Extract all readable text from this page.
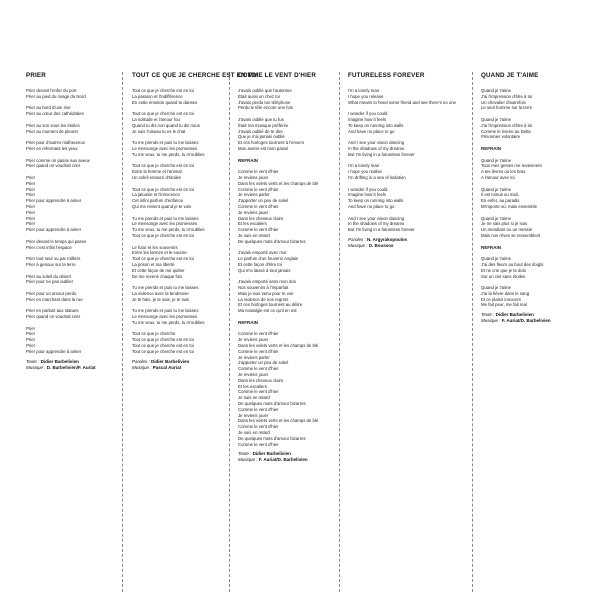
PRIER
Prier devant l'enfer du port
Prier au pied du rivage du Nord
Prier au bord d'une rive
Prier au cœur des cathédrales
Prier au son sous les étoiles
Prier au moment de pleurer
Prier pour d'autres malheureux
Prier en refermant les yeux
Prier comme on passe aux aveux
Prier quand on voudrait crier
Prier
Prier
Prier
Prier
Prier pour apprendre à aimer
Prier
Prier
Prier
Prier
Prier pour apprendre à aimer
Prier devant le temps qui passe
Prier c'est infini l'espace
Prier tout seul ou par milliers
Prier à genoux sur la terre
Prier au soleil du désert
Prier pour ne pas oublier
Prier pour un amour perdu
Prier en marchant dans la rue
Prier en parlant aux statues
Prier quand on voudrait crier
Prier
Prier
Prier
Prier
Prier pour apprendre à aimer
Texte : Didier Barbelivien
Musique : D. Barbelivien/F. Auriat
TOUT CE QUE JE CHERCHE EST EN TOI
Tout ce que je cherche est en toi
La passion et l'indifférence
En cette émotion quand tu danses
Tout ce que je cherche est en toi
La solitude et l'amour fou
Quand tu dis non quand tu dis nous
Je suis l'oiseau tu es le chat
Tu me prends et puis tu me laisses
Le mensonge avec les promesses
Tu me veux, tu me perds, tu m'oublies
Tout ce que je cherche est en toi
Entre la femme et l'animal
Un soleil entouré d'étoiles
Tout ce que je cherche est en toi
La jalousie et l'innocence
Cet infini parfum d'enfance
Qui me revient quand je te vois
Tu me prends et puis tu me laisses
Le mensonge avec les promesses
Tu me veux, tu me perds, tu m'oublies
Tout ce que je cherche est en toi
Le futur et les souvenirs
Entre les larmes et le sourire
Tout ce que je cherche est en toi
La prison et ma liberté
Et cette façon de me quitter
De me revenir chaque fois
Tu me prends et puis tu me laisses
La violence avec la tendresse
Je te hais, je te sais, je te suis
Tu me prends et puis tu me laisses
Le mensonge avec les promesses
Tu me veux, tu me perds, tu m'oublies
Tout ce que je cherche
Tout ce que je cherche est en toi
Tout ce que je cherche est en toi
Tout ce que je cherche est en toi
Paroles : Didier Barbelivien
Musique : Pascal Auriat
COMME LE VENT D'HIER
J'avais oublié que l'automne
Était aussi un chez toi
J'avais perdu ton téléphone
Perdu le tête encore une fois
J'avais oublié que tu fus
Était ma musique préférée
J'avais oublié de te dire
Que je n'ai jamais oublié
Et ces horloges tournent à l'envers
Mon avenir est mon passé
REFRAIN
Comme le vent d'hier
Je reviens jouer
Dans les volets verts et les champs de blé
Comme le vent d'hier
Je reviens parler
J'apporter un peu de soleil
Comme le vent d'hier
Je reviens jouer
Dans les cheveux clairs
Et les escaliers
Comme le vent d'hier
Je suis en retard
De quelques mots d'amour bizarres
J'avais emporté avec moi
Le parfum d'un fouvenir Anglais
Et cette façon d'être toi
Qui m'a laissé à tout jamais
J'avais emporté sans mon dos
Nos souvenirs à l'imparfait
Mais je suis venu pour te voir
La violence de nos regrets
Et ces horloges tournent au délire
Ma nostalgie est ce qu'il en est
REFRAIN
Comme le vent d'hier
Je reviens jouer
Dans les volets verts et les champs de blé
Comme le vent d'hier
Je reviens parler
J'apporter un peu de soleil
Comme le vent d'hier
Je reviens jouer
Dans les cheveux clairs
Et les escaliers
Comme le vent d'hier
Je suis en retard
De quelques mots d'amour bizarres
Comme le vent d'hier
Je reviens jouer
Dans les volets verts et les champs de blé
Comme le vent d'hier
Je suis en retard
De quelques mots d'amour bizarres
Comme le vent d'hier
Texte : Didier Barbelivien
Musique : F. Auriat/D. Barbelivien
FUTURELESS FOREVER
I'm a lonely man
I hope you release
What means to heed some friend and see there's no one
I wonder if you could
Imagine how it feels
To keep on running into walls
And have no place to go
And I see your vision dancing
In the shadows of my dreams
But I'm living in a futureless forever
I'm a lonely man
I hope you realise
I'm drifting in a sea of isolation
I wonder if you could
Imagine how it feels
To keep on running into walls
And have no place to go
And I see your vision dancing
In the shadows of my dreams
But I'm living in a futureless forever
Paroles : N. Argyrakopoulos
Musique : D. Boussos
QUAND JE T'AIME
Quand je t'aime
J'ai l'impression d'être à toi
Un chevalier d'autrefois
Le seul homme sur la terre
Quand je t'aime
J'ai l'impression d'être à toi
Comme le riveire au Delta
Prisonnier volontaire
REFRAIN
Quand je t'aime
Tous mes gestes me reviennent
A tes lèvres où les bras
A l'amour avec toi
Quand je t'aime
Il est minuit ou midi,
En enfer, au paradis
M'importe où, mais ensemble
Quand je t'aime
Je ne sais plus si je suis
Un mendiant ou un messie
Mais nos rêves se ressemblent
REFRAIN
Quand je t'aime
J'ai des fleurs au bout des doigts
Et ne crie que je te dois
Sur un ciel sans étoiles
Quand je t'aime
J'ai la fièvre dans le sang
Et ce plaisir innocent
Me fait peur, me fait mal
Texte : Didier Barbelivien
Musique : F. Auriat/D. Barbelivien
